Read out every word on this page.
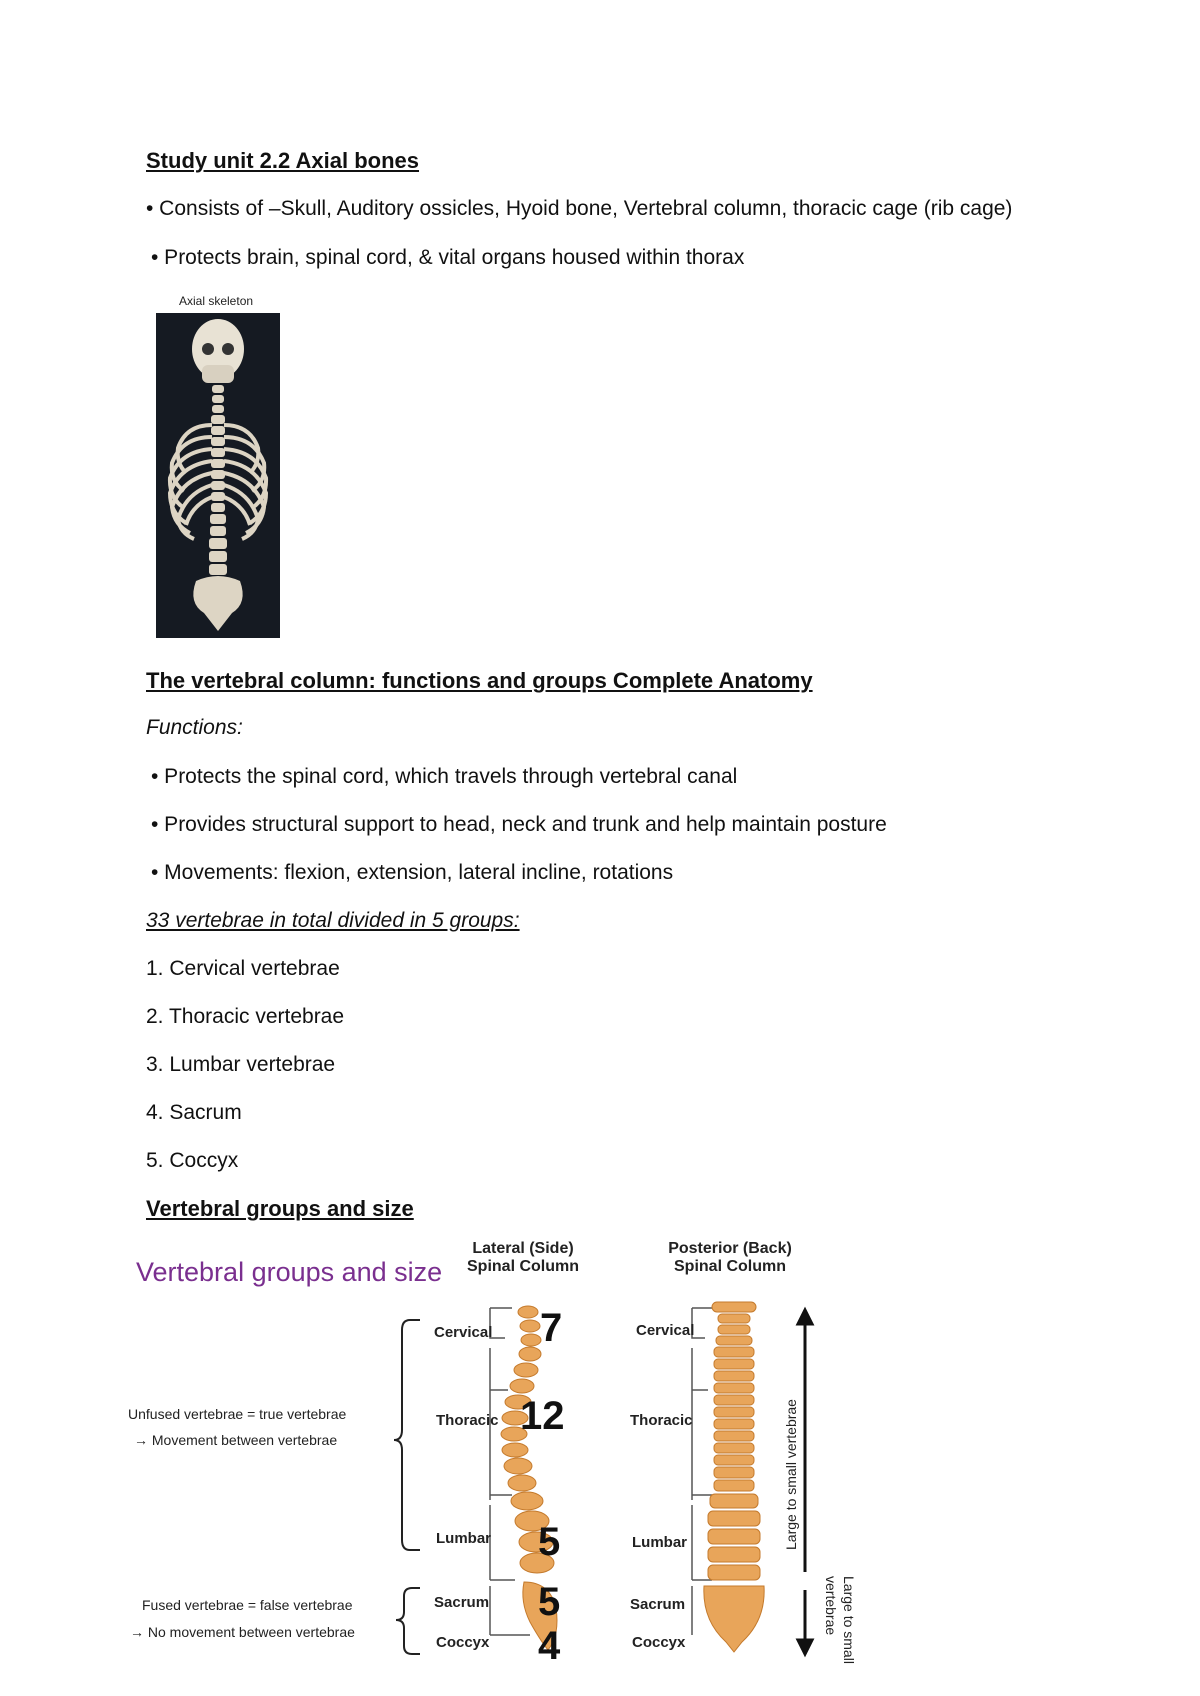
Study unit 2.2 Axial bones
• Consists of –Skull, Auditory ossicles, Hyoid bone, Vertebral column, thoracic cage (rib cage)
• Protects brain, spinal cord, & vital organs housed within thorax
Axial skeleton
The vertebral column: functions and groups Complete Anatomy
Functions:
• Protects the spinal cord, which travels through vertebral canal
• Provides structural support to head, neck and trunk and help maintain posture
• Movements: flexion, extension, lateral incline, rotations
33 vertebrae in total divided in 5 groups:
1. Cervical vertebrae
2. Thoracic vertebrae
3. Lumbar vertebrae
4. Sacrum
5. Coccyx
Vertebral groups and size
Vertebral groups and size
Lateral (Side)
Spinal Column
Posterior (Back)
Spinal Column
Cervical
Thoracic
Lumbar
Sacrum
Coccyx
7
12
5
5
4
Cervical
Thoracic
Lumbar
Sacrum
Coccyx
Unfused vertebrae = true vertebrae
→ Movement between vertebrae
Fused vertebrae = false vertebrae
→ No movement between vertebrae
Large to small vertebrae
Large to small
vertebrae
